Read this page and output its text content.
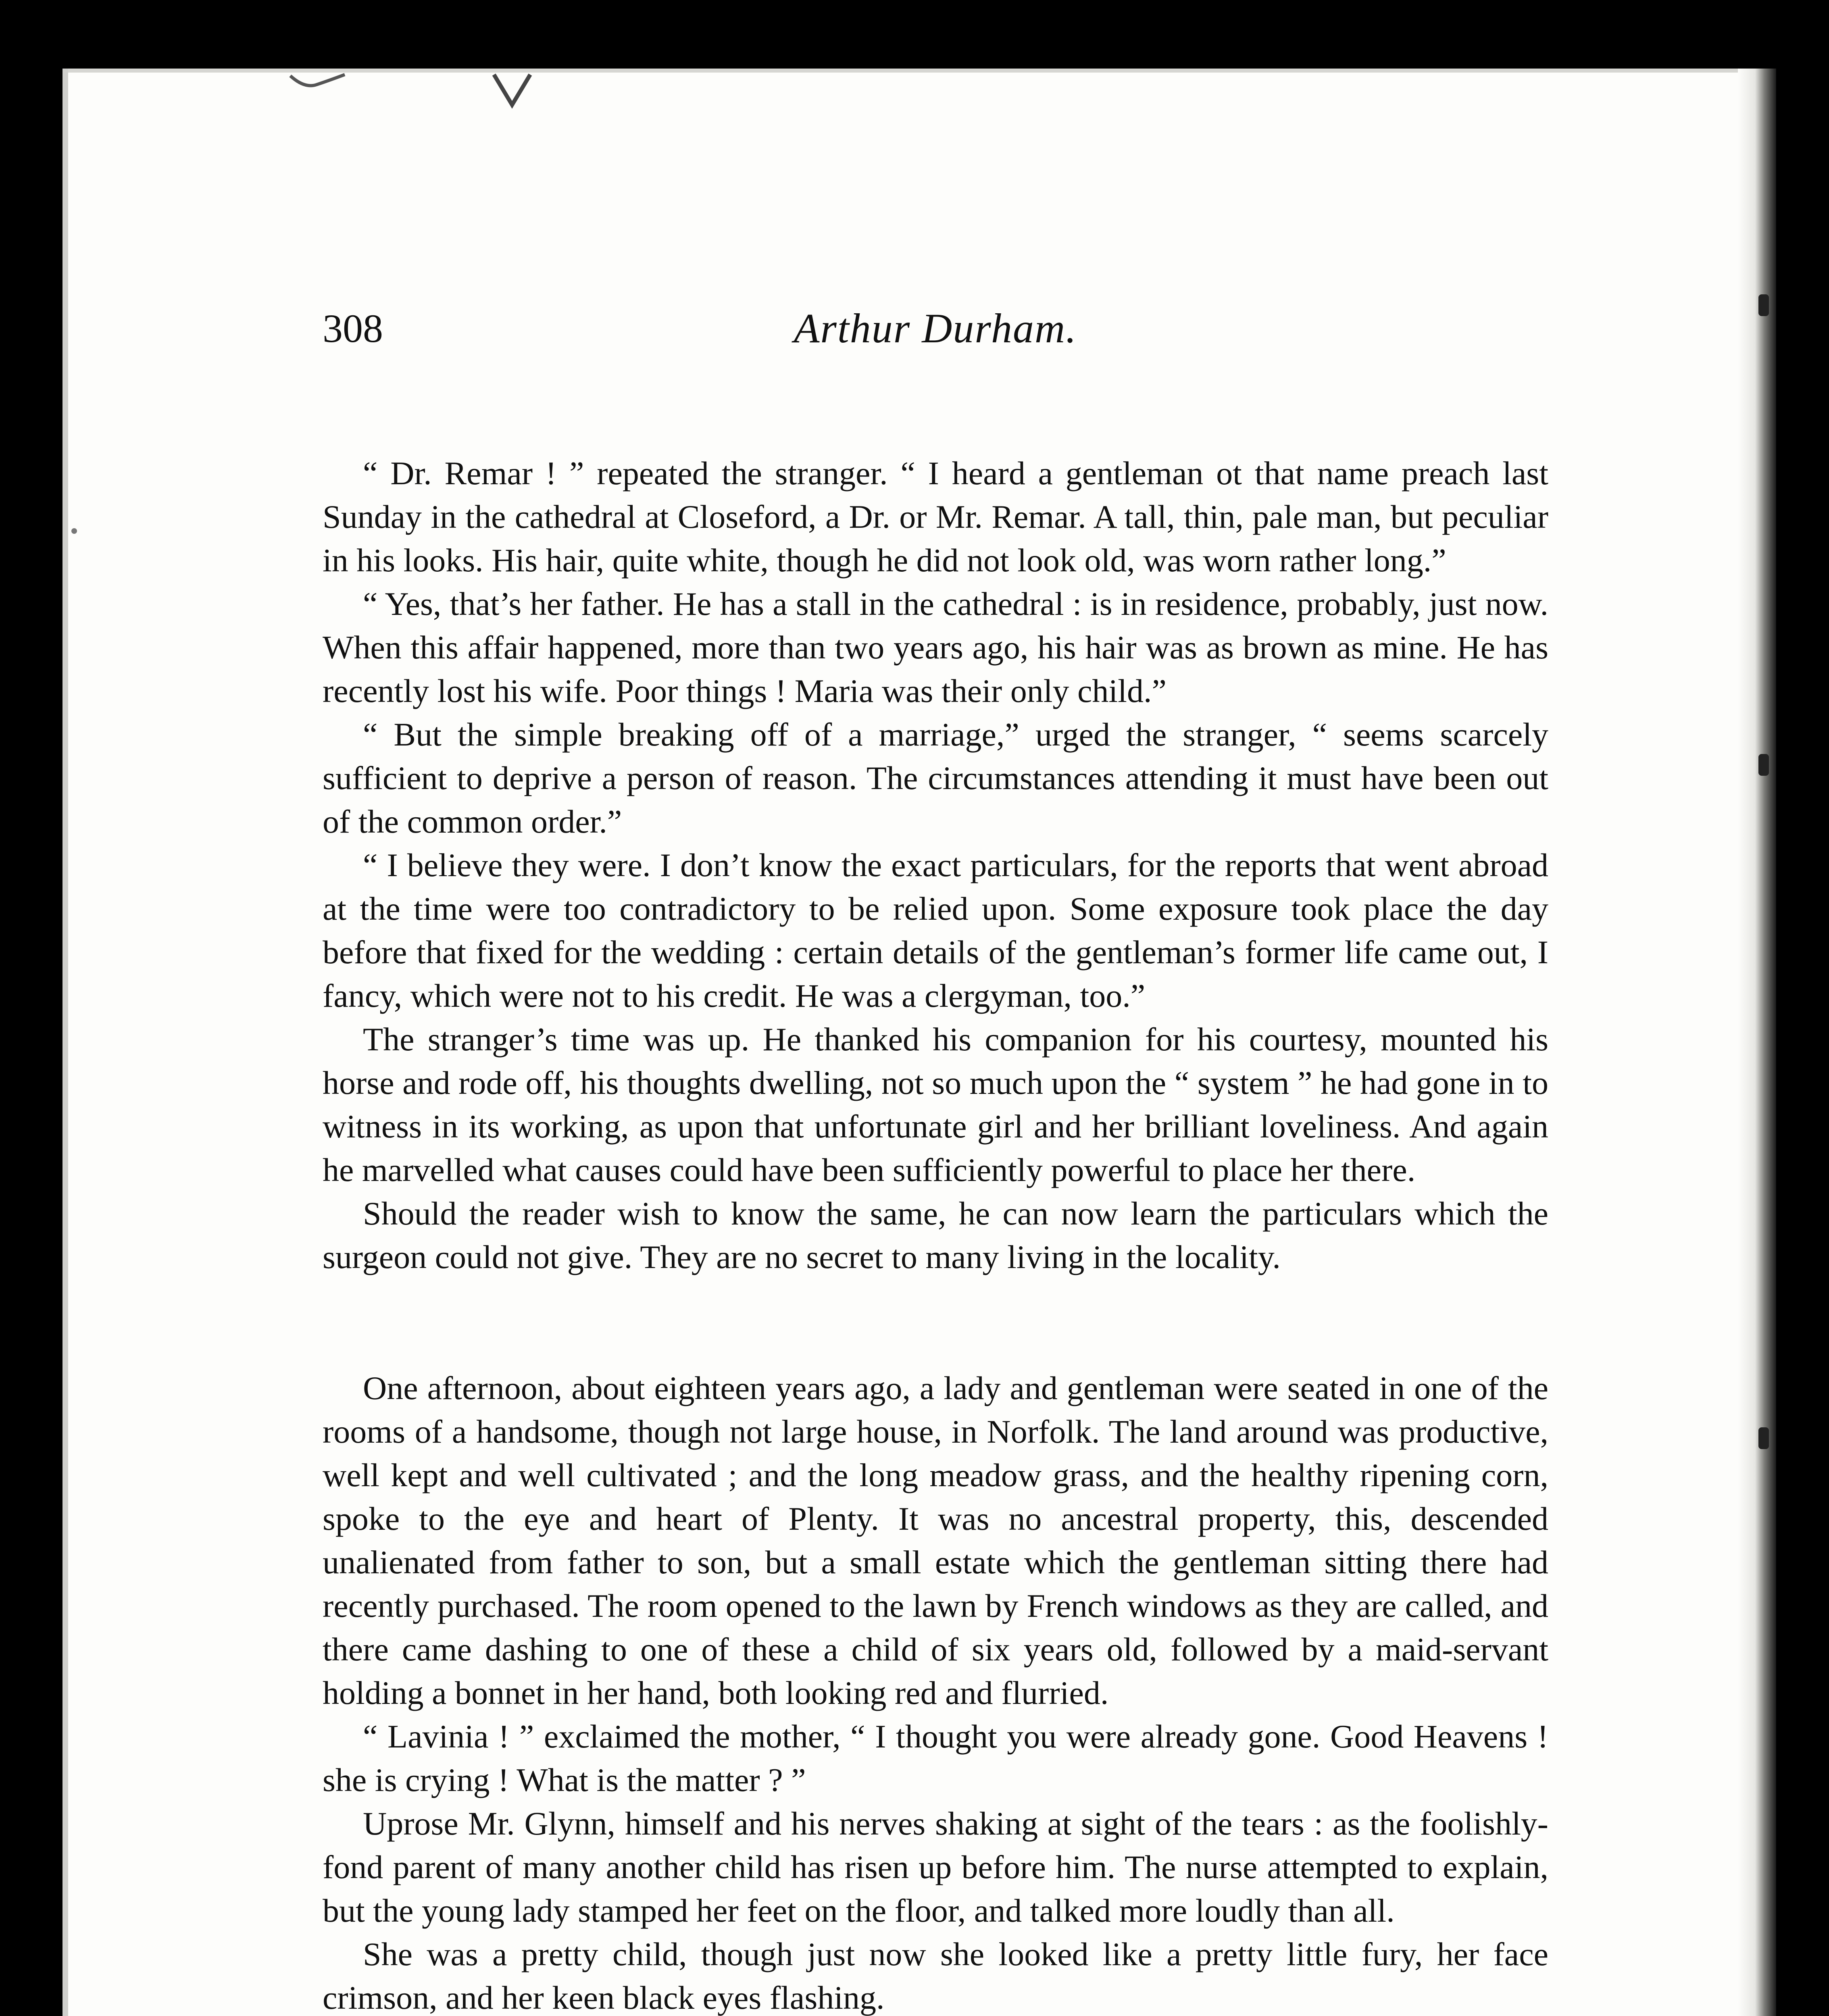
308	Arthur Durham.

“ Dr. Remar ! ” repeated the stranger. “ I heard a gentleman ot that name preach last Sunday in the cathedral at Closeford, a Dr. or Mr. Remar. A tall, thin, pale man, but peculiar in his looks. His hair, quite white, though he did not look old, was worn rather long.”

“ Yes, that’s her father. He has a stall in the cathedral : is in residence, probably, just now. When this affair happened, more than two years ago, his hair was as brown as mine. He has recently lost his wife. Poor things ! Maria was their only child.”

“ But the simple breaking off of a marriage,” urged the stranger, “ seems scarcely sufficient to deprive a person of reason. The circumstances attending it must have been out of the common order.”

“ I believe they were. I don’t know the exact particulars, for the reports that went abroad at the time were too contradictory to be relied upon. Some exposure took place the day before that fixed for the wedding : certain details of the gentleman’s former life came out, I fancy, which were not to his credit. He was a clergyman, too.”

The stranger’s time was up. He thanked his companion for his courtesy, mounted his horse and rode off, his thoughts dwelling, not so much upon the “ system ” he had gone in to witness in its working, as upon that unfortunate girl and her brilliant loveliness. And again he marvelled what causes could have been sufficiently powerful to place her there.

Should the reader wish to know the same, he can now learn the particulars which the surgeon could not give. They are no secret to many living in the locality.

One afternoon, about eighteen years ago, a lady and gentleman were seated in one of the rooms of a handsome, though not large house, in Norfolk. The land around was productive, well kept and well cultivated ; and the long meadow grass, and the healthy ripening corn, spoke to the eye and heart of Plenty. It was no ancestral property, this, descended unalienated from father to son, but a small estate which the gentleman sitting there had recently purchased. The room opened to the lawn by French windows as they are called, and there came dashing to one of these a child of six years old, followed by a maid-servant holding a bonnet in her hand, both looking red and flurried.

“ Lavinia ! ” exclaimed the mother, “ I thought you were already gone. Good Heavens ! she is crying ! What is the matter ? ”

Uprose Mr. Glynn, himself and his nerves shaking at sight of the tears : as the foolishly-fond parent of many another child has risen up before him. The nurse attempted to explain, but the young lady stamped her feet on the floor, and talked more loudly than all.

She was a pretty child, though just now she looked like a pretty little fury, her face crimson, and her keen black eyes flashing.
